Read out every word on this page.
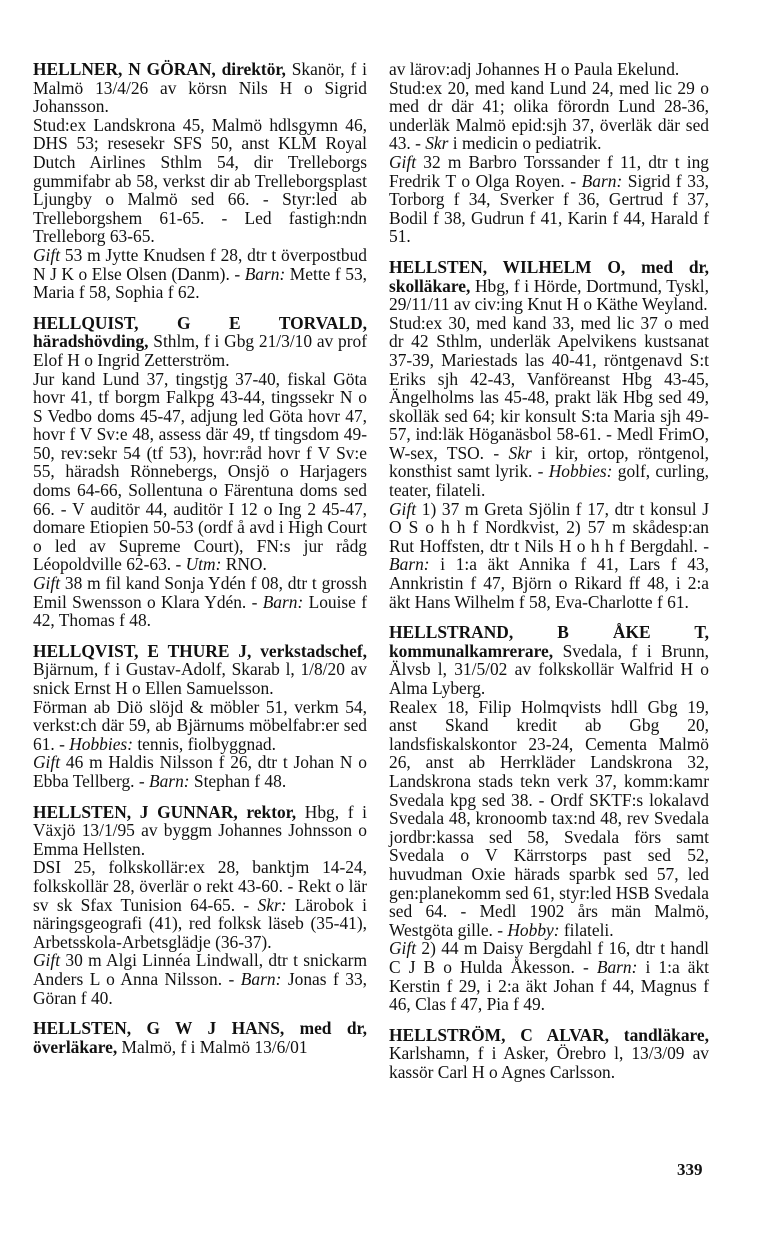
HELLNER, N GÖRAN, direktör, Skanör, f i Malmö 13/4/26 av körsn Nils H o Sigrid Johansson.

Stud:ex Landskrona 45, Malmö hdlsgymn 46, DHS 53; resesekr SFS 50, anst KLM Royal Dutch Airlines Sthlm 54, dir Trelleborgs gummifabr ab 58, verkst dir ab Trelleborgsplast Ljungby o Malmö sed 66. - Styr:led ab Trelleborgshem 61-65. - Led fastigh:ndn Trelleborg 63-65.

Gift 53 m Jytte Knudsen f 28, dtr t överpostbud N J K o Else Olsen (Danm). - Barn: Mette f 53, Maria f 58, Sophia f 62.

HELLQUIST, G E TORVALD, häradshövding, Sthlm, f i Gbg 21/3/10 av prof Elof H o Ingrid Zetterström.

Jur kand Lund 37, tingstjg 37-40, fiskal Göta hovr 41, tf borgm Falkpg 43-44, tingssekr N o S Vedbo doms 45-47, adjung led Göta hovr 47, hovr f V Sv:e 48, assess där 49, tf tingsdom 49-50, rev:sekr 54 (tf 53), hovr:råd hovr f V Sv:e 55, häradsh Rönnebergs, Onsjö o Harjagers doms 64-66, Sollentuna o Färentuna doms sed 66. - V auditör 44, auditör I 12 o Ing 2 45-47, domare Etiopien 50-53 (ordf å avd i High Court o led av Supreme Court), FN:s jur rådg Léopoldville 62-63. - Utm: RNO.

Gift 38 m fil kand Sonja Ydén f 08, dtr t grossh Emil Swensson o Klara Ydén. - Barn: Louise f 42, Thomas f 48.

HELLQVIST, E THURE J, verkstadschef, Bjärnum, f i Gustav-Adolf, Skarab l, 1/8/20 av snick Ernst H o Ellen Samuelsson.

Förman ab Diö slöjd & möbler 51, verkm 54, verkst:ch där 59, ab Bjärnums möbelfabr:er sed 61. - Hobbies: tennis, fiolbyggnad.

Gift 46 m Haldis Nilsson f 26, dtr t Johan N o Ebba Tellberg. - Barn: Stephan f 48.

HELLSTEN, J GUNNAR, rektor, Hbg, f i Växjö 13/1/95 av byggm Johannes Johnsson o Emma Hellsten.

DSI 25, folkskollär:ex 28, banktjm 14-24, folkskollär 28, överlär o rekt 43-60. - Rekt o lär sv sk Sfax Tunision 64-65. - Skr: Lärobok i näringsgeografi (41), red folksk läseb (35-41), Arbetsskola-Arbetsglädje (36-37).

Gift 30 m Algi Linnéa Lindwall, dtr t snickarm Anders L o Anna Nilsson. - Barn: Jonas f 33, Göran f 40.

HELLSTEN, G W J HANS, med dr, överläkare, Malmö, f i Malmö 13/6/01

av lärov:adj Johannes H o Paula Ekelund.

Stud:ex 20, med kand Lund 24, med lic 29 o med dr där 41; olika förordn Lund 28-36, underläk Malmö epid:sjh 37, överläk där sed 43. - Skr i medicin o pediatrik.

Gift 32 m Barbro Torssander f 11, dtr t ing Fredrik T o Olga Royen. - Barn: Sigrid f 33, Torborg f 34, Sverker f 36, Gertrud f 37, Bodil f 38, Gudrun f 41, Karin f 44, Harald f 51.

HELLSTEN, WILHELM O, med dr, skolläkare, Hbg, f i Hörde, Dortmund, Tyskl, 29/11/11 av civ:ing Knut H o Käthe Weyland.

Stud:ex 30, med kand 33, med lic 37 o med dr 42 Sthlm, underläk Apelvikens kustsanat 37-39, Mariestads las 40-41, röntgenavd S:t Eriks sjh 42-43, Vanföreanst Hbg 43-45, Ängelholms las 45-48, prakt läk Hbg sed 49, skolläk sed 64; kir konsult S:ta Maria sjh 49-57, ind:läk Höganäsbol 58-61. - Medl FrimO, W-sex, TSO. - Skr i kir, ortop, röntgenol, konsthist samt lyrik. - Hobbies: golf, curling, teater, filateli.

Gift 1) 37 m Greta Sjölin f 17, dtr t konsul J O S o h h f Nordkvist, 2) 57 m skådesp:an Rut Hoffsten, dtr t Nils H o h h f Bergdahl. - Barn: i 1:a äkt Annika f 41, Lars f 43, Annkristin f 47, Björn o Rikard ff 48, i 2:a äkt Hans Wilhelm f 58, Eva-Charlotte f 61.

HELLSTRAND, B ÅKE T, kommunalkamrerare, Svedala, f i Brunn, Älvsb l, 31/5/02 av folkskollär Walfrid H o Alma Lyberg.

Realex 18, Filip Holmqvists hdll Gbg 19, anst Skand kredit ab Gbg 20, landsfiskalskontor 23-24, Cementa Malmö 26, anst ab Herrkläder Landskrona 32, Landskrona stads tekn verk 37, komm:kamr Svedala kpg sed 38. - Ordf SKTF:s lokalavd Svedala 48, kronoomb tax:nd 48, rev Svedala jordbr:kassa sed 58, Svedala förs samt Svedala o V Kärrstorps past sed 52, huvudman Oxie härads sparbk sed 57, led gen:planekomm sed 61, styr:led HSB Svedala sed 64. - Medl 1902 års män Malmö, Westgöta gille. - Hobby: filateli.

Gift 2) 44 m Daisy Bergdahl f 16, dtr t handl C J B o Hulda Åkesson. - Barn: i 1:a äkt Kerstin f 29, i 2:a äkt Johan f 44, Magnus f 46, Clas f 47, Pia f 49.

HELLSTRÖM, C ALVAR, tandläkare, Karlshamn, f i Asker, Örebro l, 13/3/09 av kassör Carl H o Agnes Carlsson.

339
